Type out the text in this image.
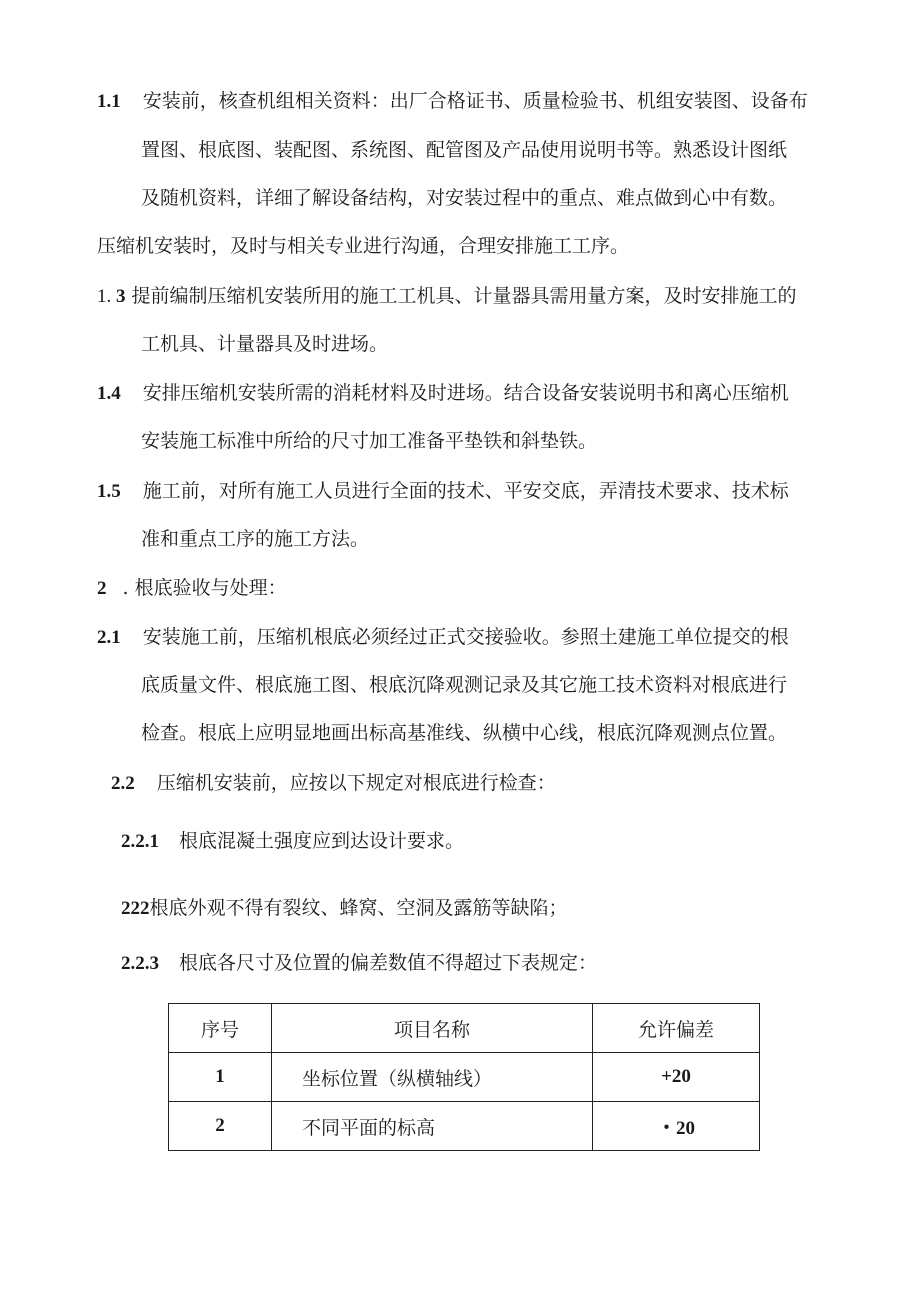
1.1 安装前，核查机组相关资料：出厂合格证书、质量检验书、机组安装图、设备布
置图、根底图、装配图、系统图、配管图及产品使用说明书等。熟悉设计图纸
及随机资料，详细了解设备结构，对安装过程中的重点、难点做到心中有数。
压缩机安装时，及时与相关专业进行沟通，合理安排施工工序。
1. 3 提前编制压缩机安装所用的施工工机具、计量器具需用量方案，及时安排施工的
工机具、计量器具及时进场。
1.4 安排压缩机安装所需的消耗材料及时进场。结合设备安装说明书和离心压缩机
安装施工标准中所给的尺寸加工准备平垫铁和斜垫铁。
1.5 施工前，对所有施工人员进行全面的技术、平安交底，弄清技术要求、技术标
准和重点工序的施工方法。
2 . 根底验收与处理：
2.1 安装施工前，压缩机根底必须经过正式交接验收。参照土建施工单位提交的根
底质量文件、根底施工图、根底沉降观测记录及其它施工技术资料对根底进行
检查。根底上应明显地画出标高基准线、纵横中心线，根底沉降观测点位置。
2.2 压缩机安装前，应按以下规定对根底进行检查：
2.2.1 根底混凝土强度应到达设计要求。
222根底外观不得有裂纹、蜂窝、空洞及露筋等缺陷；
2.2.3 根底各尺寸及位置的偏差数值不得超过下表规定：
序号	项目名称	允许偏差
1	坐标位置（纵横轴线）	+20
2	不同平面的标高	・20
